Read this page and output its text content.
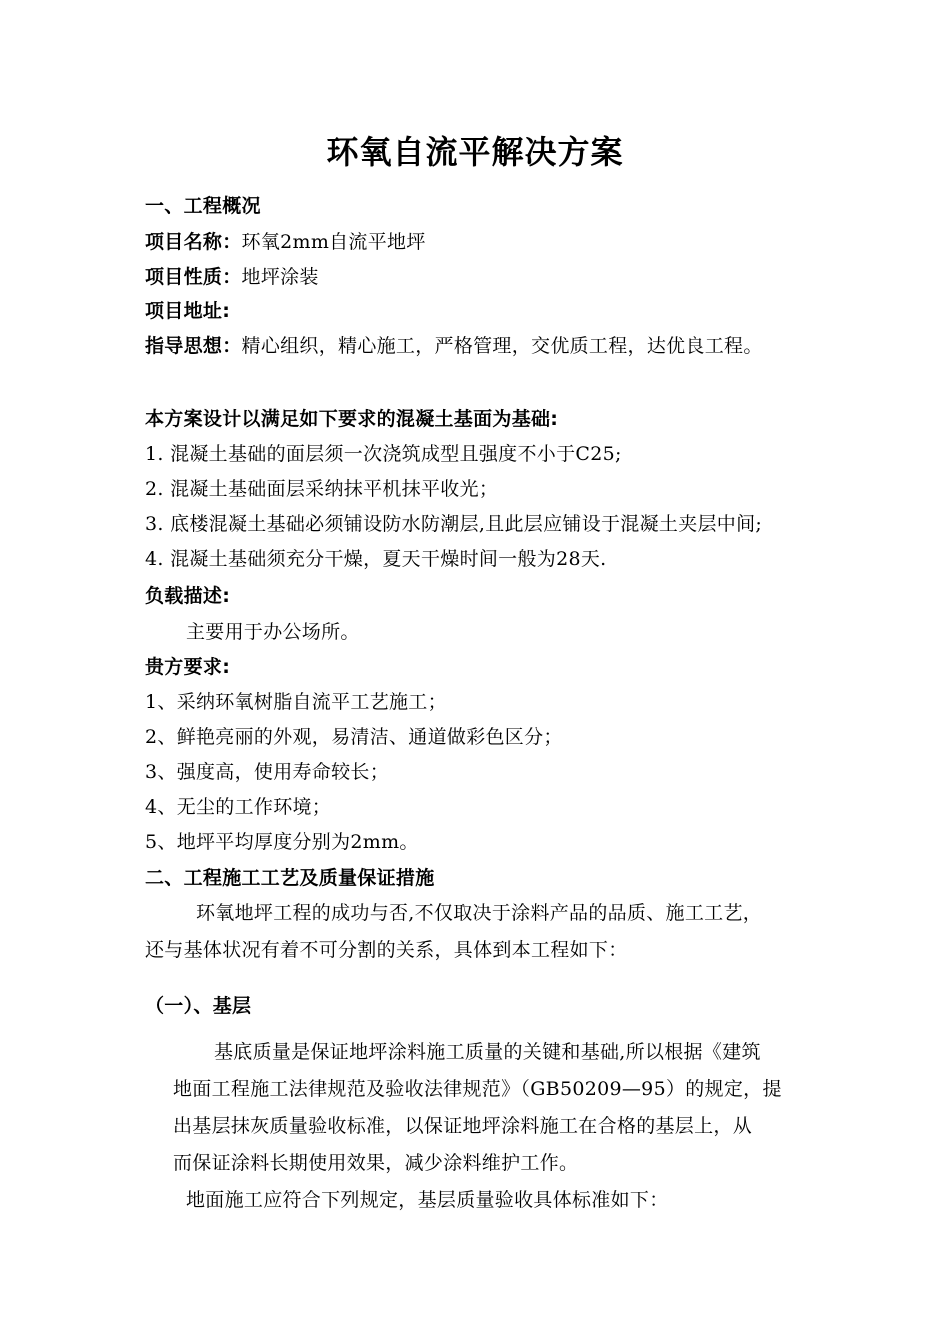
环氧自流平解决方案
一、工程概况
项目名称：环氧2mm自流平地坪
项目性质：地坪涂装
项目地址:
指导思想：精心组织，精心施工，严格管理，交优质工程，达优良工程。
本方案设计以满足如下要求的混凝土基面为基础:
1. 混凝土基础的面层须一次浇筑成型且强度不小于C25;
2. 混凝土基础面层采纳抹平机抹平收光；
3. 底楼混凝土基础必须铺设防水防潮层,且此层应铺设于混凝土夹层中间;
4. 混凝土基础须充分干燥，夏天干燥时间一般为28天.
负载描述:
主要用于办公场所。
贵方要求:
1、采纳环氧树脂自流平工艺施工；
2、鲜艳亮丽的外观，易清洁、通道做彩色区分；
3、强度高，使用寿命较长；
4、无尘的工作环境；
5、地坪平均厚度分别为2mm。
二、工程施工工艺及质量保证措施
环氧地坪工程的成功与否,不仅取决于涂料产品的品质、施工工艺，
还与基体状况有着不可分割的关系，具体到本工程如下：
（一）、基层
基底质量是保证地坪涂料施工质量的关键和基础,所以根据《建筑
地面工程施工法律规范及验收法律规范》（GB50209—95）的规定，提
出基层抹灰质量验收标准，以保证地坪涂料施工在合格的基层上，从
而保证涂料长期使用效果，减少涂料维护工作。
地面施工应符合下列规定，基层质量验收具体标准如下：
